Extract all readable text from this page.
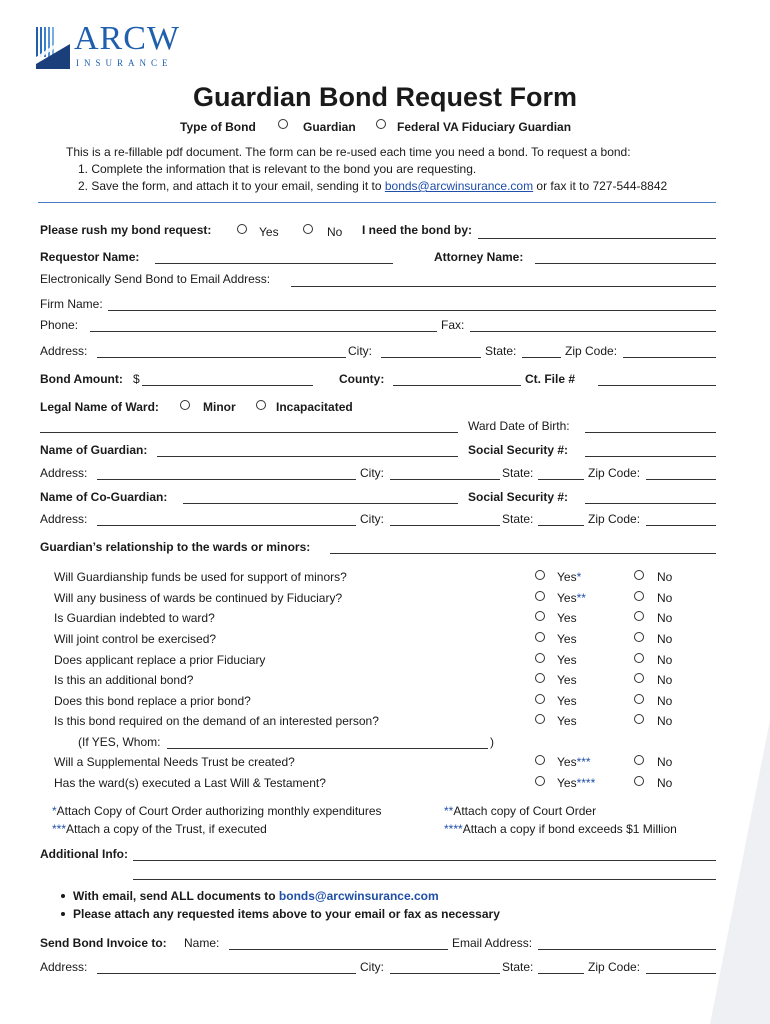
ARCW
INSURANCE
Guardian Bond Request Form
Type of Bond	Guardian	Federal VA Fiduciary Guardian
This is a re-fillable pdf document. The form can be re-used each time you need a bond. To request a bond:
1. Complete the information that is relevant to the bond you are requesting.
2. Save the form, and attach it to your email, sending it to bonds@arcwinsurance.com or fax it to 727-544-8842
Please rush my bond request:	Yes	No I need the bond by:
Requestor Name:	Attorney Name:
Electronically Send Bond to Email Address:
Firm Name:
Phone:	Fax:
Address:	City:	State:	Zip Code:
Bond Amount: $	County:	Ct. File #
Legal Name of Ward:	Minor	Incapacitated
Ward Date of Birth:
Name of Guardian:	Social Security #:
Address:	City:	State:	Zip Code:
Name of Co-Guardian:	Social Security #:
Address:	City:	State:	Zip Code:
Guardian’s relationship to the wards or minors:
Will Guardianship funds be used for support of minors?	Yes*	No
Will any business of wards be continued by Fiduciary?	Yes**	No
Is Guardian indebted to ward?	Yes	No
Will joint control be exercised?	Yes	No
Does applicant replace a prior Fiduciary	Yes	No
Is this an additional bond?	Yes	No
Does this bond replace a prior bond?	Yes	No
Is this bond required on the demand of an interested person?	Yes	No
(If YES, Whom:	)
Will a Supplemental Needs Trust be created?	Yes***	No
Has the ward(s) executed a Last Will & Testament?	Yes****	No
*Attach Copy of Court Order authorizing monthly expenditures	**Attach copy of Court Order
***Attach a copy of the Trust, if executed	****Attach a copy if bond exceeds $1 Million
Additional Info:
With email, send ALL documents to bonds@arcwinsurance.com
Please attach any requested items above to your email or fax as necessary
Send Bond Invoice to: Name:	Email Address:
Address:	City:	State:	Zip Code:
